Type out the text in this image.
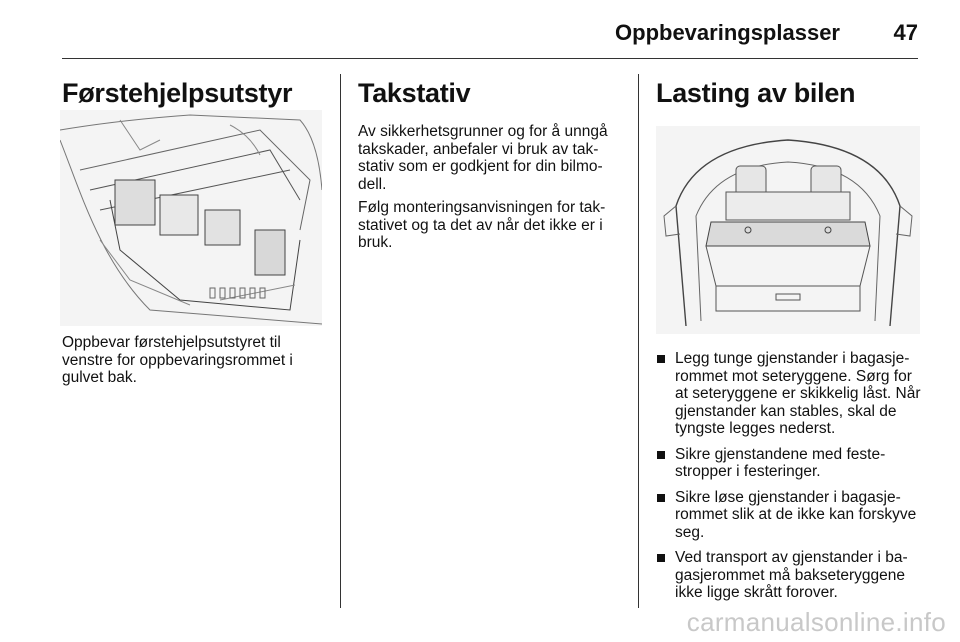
Oppbevaringsplasser 47
Førstehjelpsutstyr

Oppbevar førstehjelpsutstyret til venstre for oppbevaringsrommet i gulvet bak.

Takstativ

Av sikkerhetsgrunner og for å unngå takskader, anbefaler vi bruk av tak-stativ som er godkjent for din bilmo-dell.

Følg monteringsanvisningen for tak-stativet og ta det av når det ikke er i bruk.

Lasting av bilen
Legg tunge gjenstander i bagasje-rommet mot seteryggene. Sørg for at seteryggene er skikkelig låst. Når gjenstander kan stables, skal de tyngste legges nederst.
Sikre gjenstandene med feste-stropper i festeringer.
Sikre løse gjenstander i bagasje-rommet slik at de ikke kan forskyve seg.
Ved transport av gjenstander i ba-gasjerommet må bakseteryggene ikke ligge skrått forover.
carmanualsonline.info
